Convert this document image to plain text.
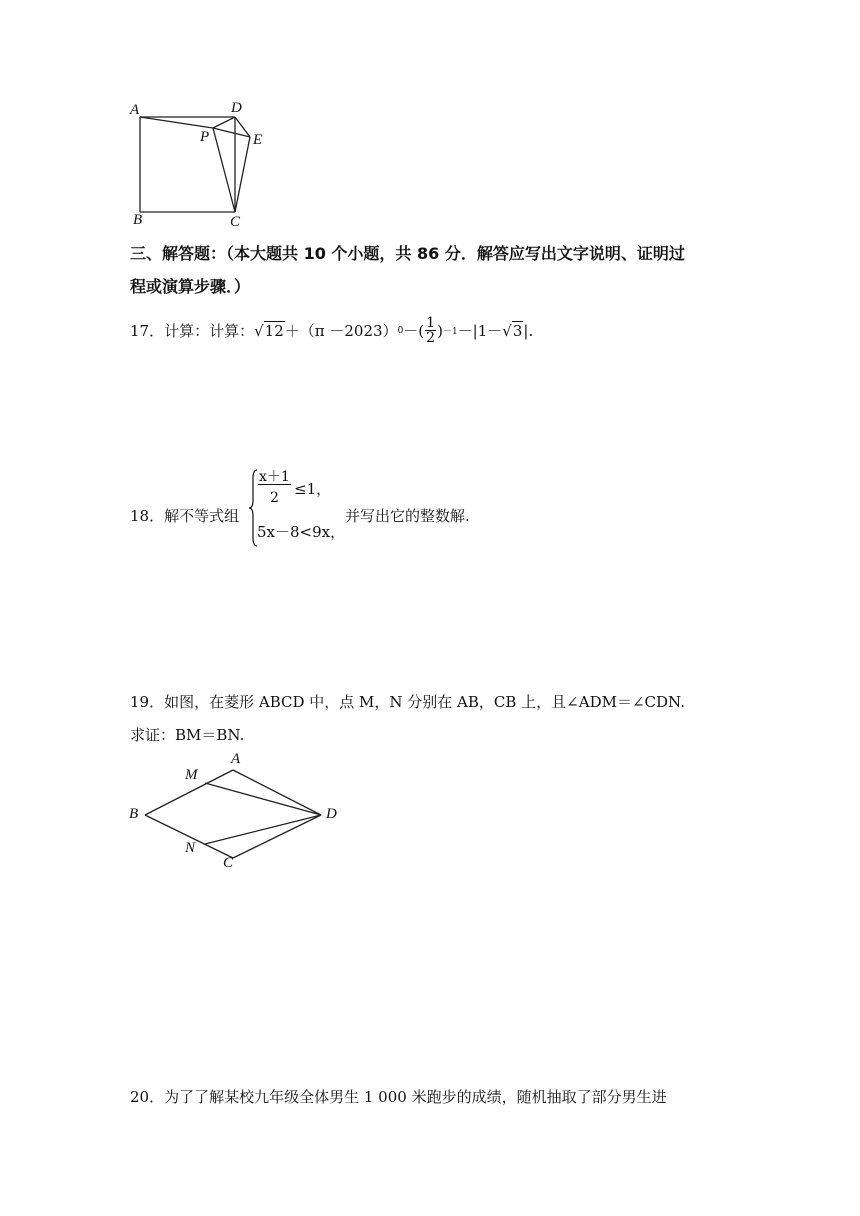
A	D
P	E
B	C
三、解答题：（本大题共 10 个小题，共 86 分．解答应写出文字说明、证明过
程或演算步骤．）
17．计算：计算： √ 12 ＋（π －2023） 0 －( $\frac{1}{2}$ ) －1 －|1－ √ 3 |.
18．解不等式组
$\frac{x+1}{2} \le 1$，
5x－8<9x，
并写出它的整数解.
19．如图，在菱形 ABCD 中，点 M，N 分别在 AB，CB 上，且∠ADM＝∠CDN.
求证：BM＝BN.
A
M
B	D
N
C
20．为了了解某校九年级全体男生 1 000 米跑步的成绩，随机抽取了部分男生进
